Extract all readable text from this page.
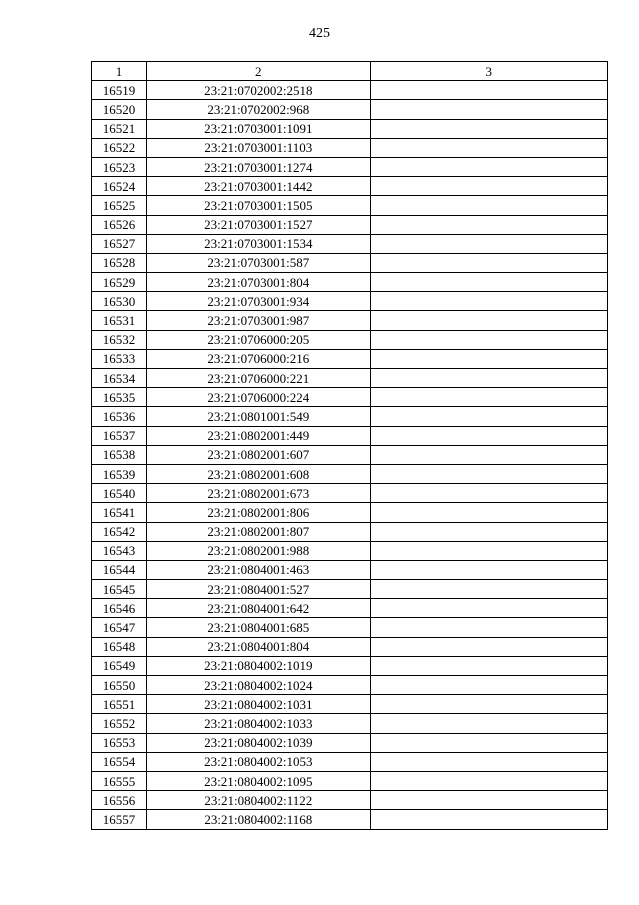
425
1	2	3
16519	23:21:0702002:2518	
16520	23:21:0702002:968	
16521	23:21:0703001:1091	
16522	23:21:0703001:1103	
16523	23:21:0703001:1274	
16524	23:21:0703001:1442	
16525	23:21:0703001:1505	
16526	23:21:0703001:1527	
16527	23:21:0703001:1534	
16528	23:21:0703001:587	
16529	23:21:0703001:804	
16530	23:21:0703001:934	
16531	23:21:0703001:987	
16532	23:21:0706000:205	
16533	23:21:0706000:216	
16534	23:21:0706000:221	
16535	23:21:0706000:224	
16536	23:21:0801001:549	
16537	23:21:0802001:449	
16538	23:21:0802001:607	
16539	23:21:0802001:608	
16540	23:21:0802001:673	
16541	23:21:0802001:806	
16542	23:21:0802001:807	
16543	23:21:0802001:988	
16544	23:21:0804001:463	
16545	23:21:0804001:527	
16546	23:21:0804001:642	
16547	23:21:0804001:685	
16548	23:21:0804001:804	
16549	23:21:0804002:1019	
16550	23:21:0804002:1024	
16551	23:21:0804002:1031	
16552	23:21:0804002:1033	
16553	23:21:0804002:1039	
16554	23:21:0804002:1053	
16555	23:21:0804002:1095	
16556	23:21:0804002:1122	
16557	23:21:0804002:1168	
